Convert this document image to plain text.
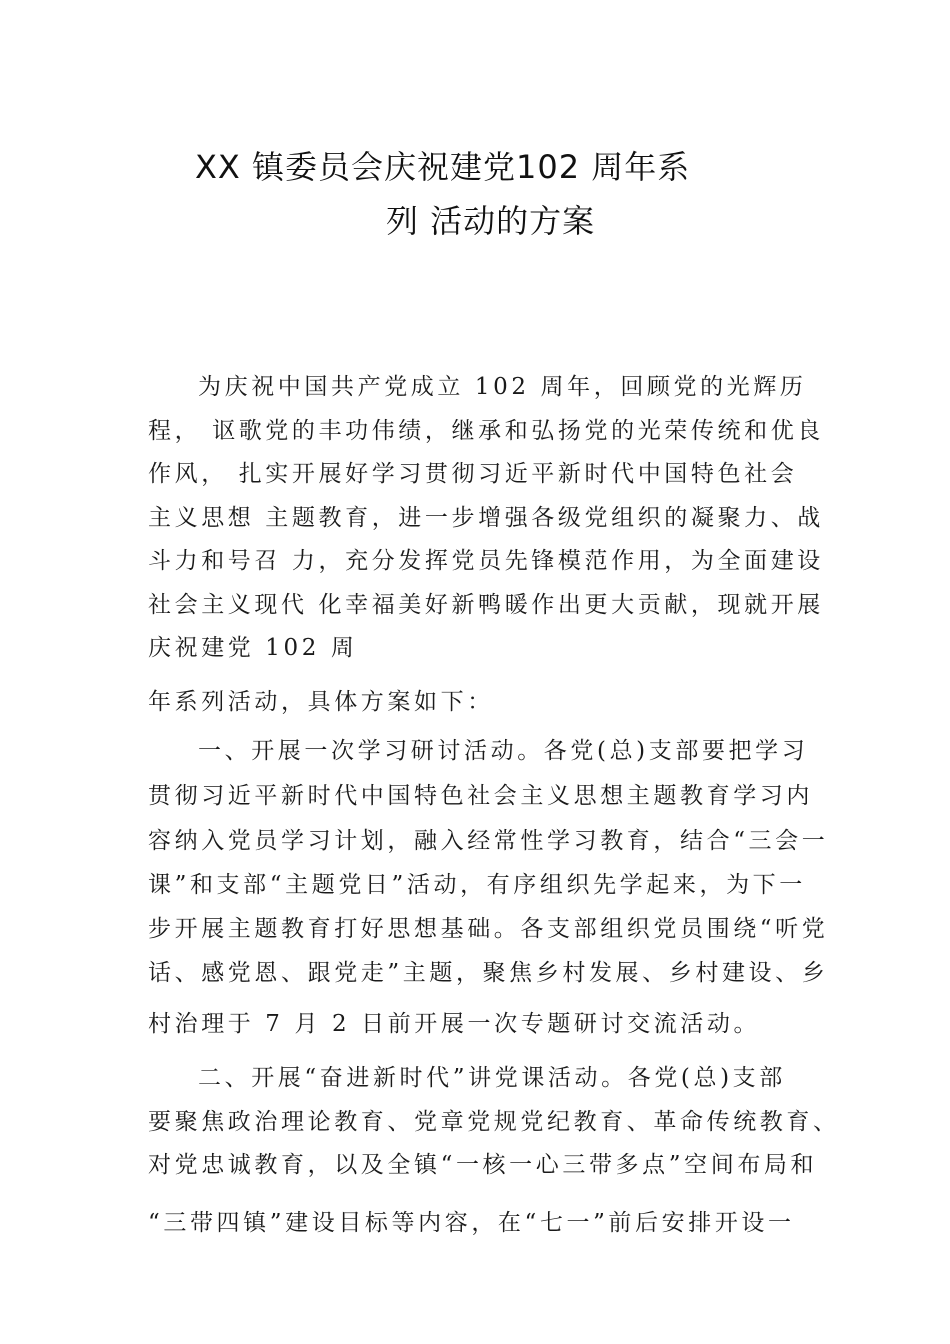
XX 镇委员会庆祝建党102 周年系
列 活动的方案
为庆祝中国共产党成立 102 周年，回顾党的光辉历
程， 讴歌党的丰功伟绩，继承和弘扬党的光荣传统和优良
作风， 扎实开展好学习贯彻习近平新时代中国特色社会
主义思想 主题教育，进一步增强各级党组织的凝聚力、战
斗力和号召 力，充分发挥党员先锋模范作用，为全面建设
社会主义现代 化幸福美好新鸭暖作出更大贡献，现就开展
庆祝建党 102 周
年系列活动，具体方案如下：
一、开展一次学习研讨活动。各党(总)支部要把学习
贯彻习近平新时代中国特色社会主义思想主题教育学习内
容纳入党员学习计划，融入经常性学习教育，结合“三会一
课”和支部“主题党日”活动，有序组织先学起来，为下一
步开展主题教育打好思想基础。各支部组织党员围绕“听党
话、感党恩、跟党走”主题，聚焦乡村发展、乡村建设、乡
村治理于 7 月 2 日前开展一次专题研讨交流活动。
二、开展“奋进新时代”讲党课活动。各党(总)支部
要聚焦政治理论教育、党章党规党纪教育、革命传统教育、
对党忠诚教育，以及全镇“一核一心三带多点”空间布局和
“三带四镇”建设目标等内容，在“七一”前后安排开设一
